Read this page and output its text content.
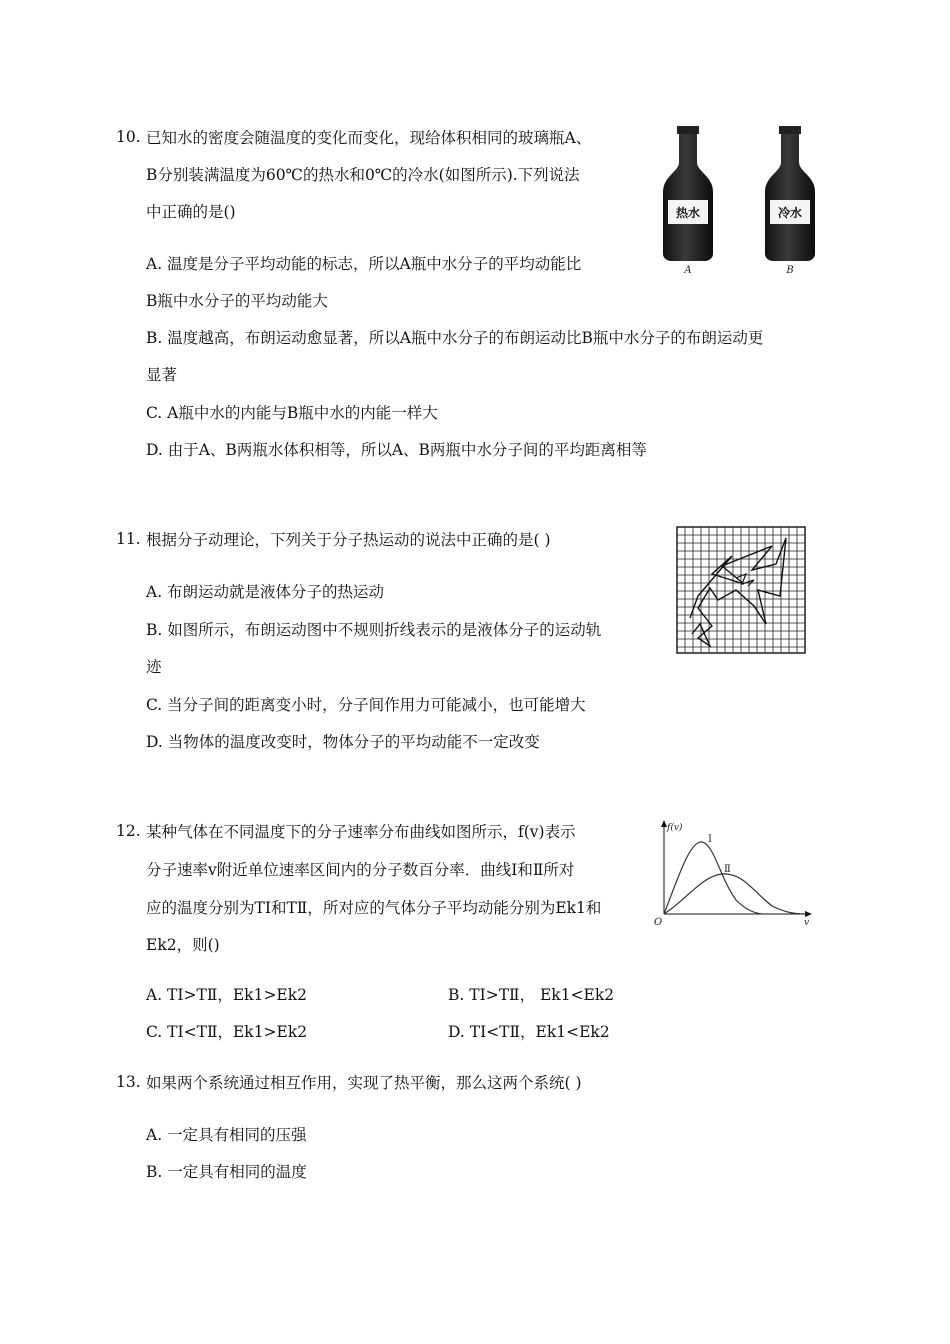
10. 已知水的密度会随温度的变化而变化，现给体积相同的玻璃瓶A、
B分别装满温度为60℃的热水和0℃的冷水(如图所示).下列说法
中正确的是()
A. 温度是分子平均动能的标志，所以A瓶中水分子的平均动能比
B瓶中水分子的平均动能大
B. 温度越高，布朗运动愈显著，所以A瓶中水分子的布朗运动比B瓶中水分子的布朗运动更
显著
C. A瓶中水的内能与B瓶中水的内能一样大
D. 由于A、B两瓶水体积相等，所以A、B两瓶中水分子间的平均距离相等
热水	冷水
A	B
11. 根据分子动理论，下列关于分子热运动的说法中正确的是( )
A. 布朗运动就是液体分子的热运动
B. 如图所示，布朗运动图中不规则折线表示的是液体分子的运动轨
迹
C. 当分子间的距离变小时，分子间作用力可能减小，也可能增大
D. 当物体的温度改变时，物体分子的平均动能不一定改变
12. 某种气体在不同温度下的分子速率分布曲线如图所示，f(v)表示
分子速率v附近单位速率区间内的分子数百分率．曲线Ⅰ和Ⅱ所对
应的温度分别为TⅠ和TⅡ，所对应的气体分子平均动能分别为Ek1和
Ek2，则()
A. TⅠ>TⅡ，Ek1>Ek2	B. TⅠ>TⅡ， Ek1<Ek2
C. TⅠ<TⅡ，Ek1>Ek2	D. TⅠ<TⅡ，Ek1<Ek2
f(v)
v
O
Ⅰ
Ⅱ
13. 如果两个系统通过相互作用，实现了热平衡，那么这两个系统( )
A. 一定具有相同的压强
B. 一定具有相同的温度
